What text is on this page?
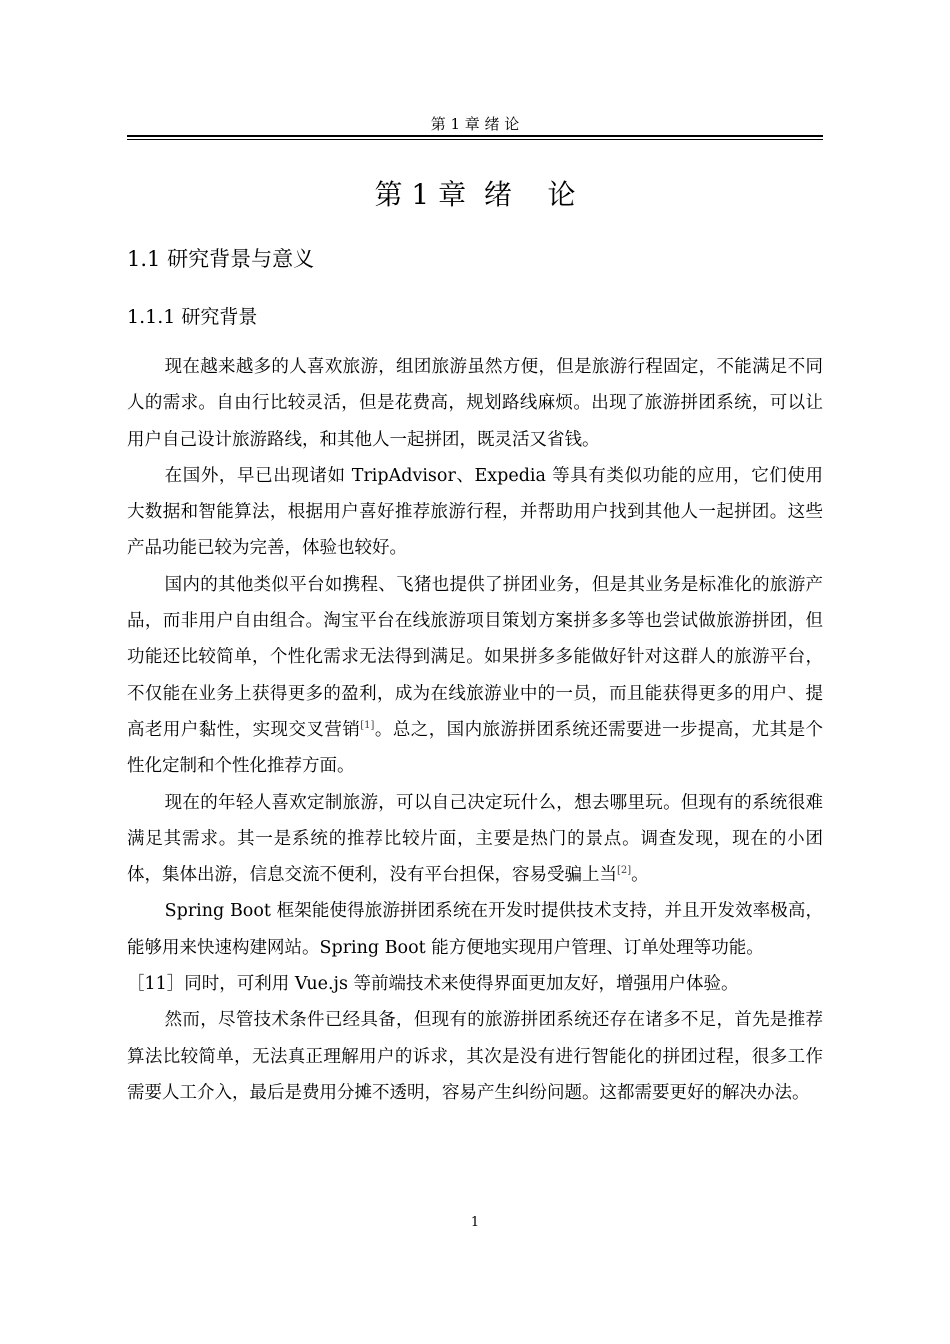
第 1 章 绪 论
第 1 章  绪    论
1.1 研究背景与意义
1.1.1 研究背景

现在越来越多的人喜欢旅游，组团旅游虽然方便，但是旅游行程固定，不能满足不同人的需求。自由行比较灵活，但是花费高，规划路线麻烦。出现了旅游拼团系统，可以让用户自己设计旅游路线，和其他人一起拼团，既灵活又省钱。

在国外，早已出现诸如 TripAdvisor、Expedia 等具有类似功能的应用，它们使用大数据和智能算法，根据用户喜好推荐旅游行程，并帮助用户找到其他人一起拼团。这些产品功能已较为完善，体验也较好。

国内的其他类似平台如携程、飞猪也提供了拼团业务，但是其业务是标准化的旅游产品，而非用户自由组合。淘宝平台在线旅游项目策划方案拼多多等也尝试做旅游拼团，但功能还比较简单，个性化需求无法得到满足。如果拼多多能做好针对这群人的旅游平台，不仅能在业务上获得更多的盈利，成为在线旅游业中的一员，而且能获得更多的用户、提高老用户黏性，实现交叉营销[1]。总之，国内旅游拼团系统还需要进一步提高，尤其是个性化定制和个性化推荐方面。

现在的年轻人喜欢定制旅游，可以自己决定玩什么，想去哪里玩。但现有的系统很难满足其需求。其一是系统的推荐比较片面，主要是热门的景点。调查发现，现在的小团体，集体出游，信息交流不便利，没有平台担保，容易受骗上当[2]。

Spring Boot 框架能使得旅游拼团系统在开发时提供技术支持，并且开发效率极高，能够用来快速构建网站。Spring Boot 能方便地实现用户管理、订单处理等功能。

［11］同时，可利用 Vue.js 等前端技术来使得界面更加友好，增强用户体验。

然而，尽管技术条件已经具备，但现有的旅游拼团系统还存在诸多不足，首先是推荐算法比较简单，无法真正理解用户的诉求，其次是没有进行智能化的拼团过程，很多工作需要人工介入，最后是费用分摊不透明，容易产生纠纷问题。这都需要更好的解决办法。

1
